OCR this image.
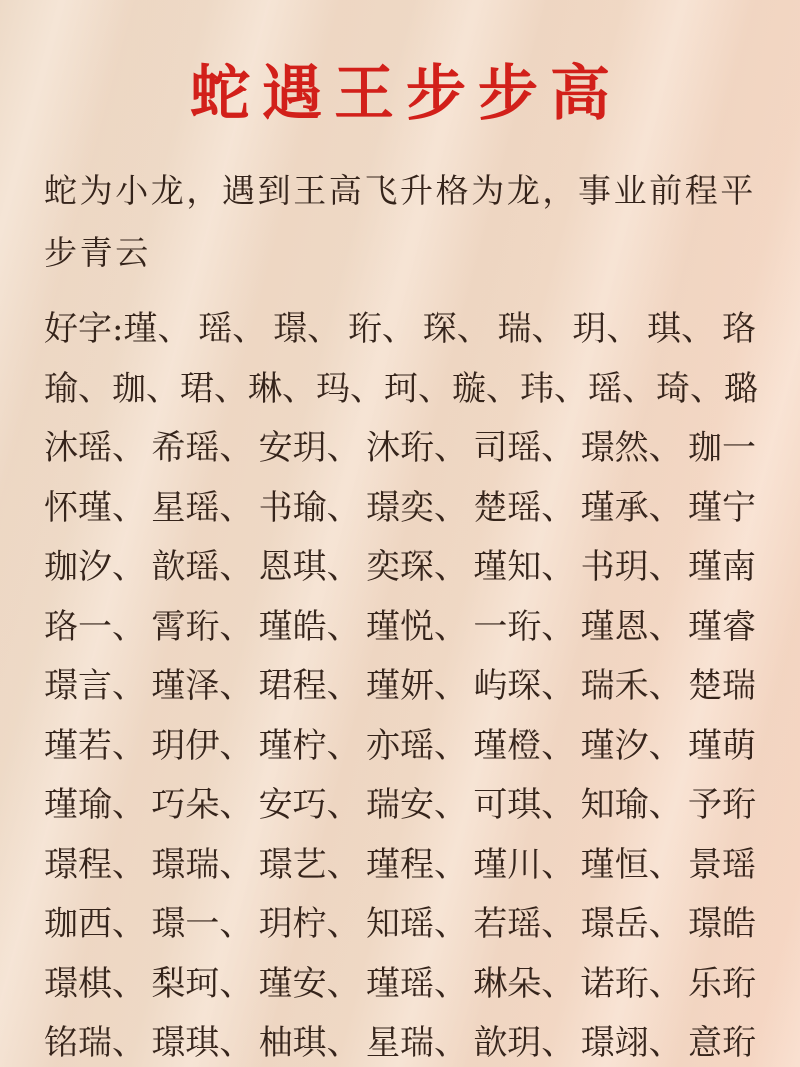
蛇遇王步步高

蛇为小龙，遇到王高飞升格为龙，事业前程平步青云

好字:瑾、 瑶、 璟、 珩、 琛、 瑞、 玥、 琪、 珞
瑜、 珈、 珺、 琳、 玛、 珂、 璇、 玮、 瑶、 琦、 璐
沐瑶、 希瑶、 安玥、 沐珩、 司瑶、 璟然、 珈一
怀瑾、 星瑶、 书瑜、 璟奕、 楚瑶、 瑾承、 瑾宁
珈汐、 歆瑶、 恩琪、 奕琛、 瑾知、 书玥、 瑾南
珞一、 霄珩、 瑾皓、 瑾悦、 一珩、 瑾恩、 瑾睿
璟言、 瑾泽、 珺程、 瑾妍、 屿琛、 瑞禾、 楚瑞
瑾若、 玥伊、 瑾柠、 亦瑶、 瑾橙、 瑾汐、 瑾萌
瑾瑜、 巧朵、 安巧、 瑞安、 可琪、 知瑜、 予珩
璟程、 璟瑞、 璟艺、 瑾程、 瑾川、 瑾恒、 景瑶
珈西、 璟一、 玥柠、 知瑶、 若瑶、 璟岳、 璟皓
璟棋、 梨珂、 瑾安、 瑾瑶、 琳朵、 诺珩、 乐珩
铭瑞、 璟琪、 柚琪、 星瑞、 歆玥、 璟翊、 意珩
